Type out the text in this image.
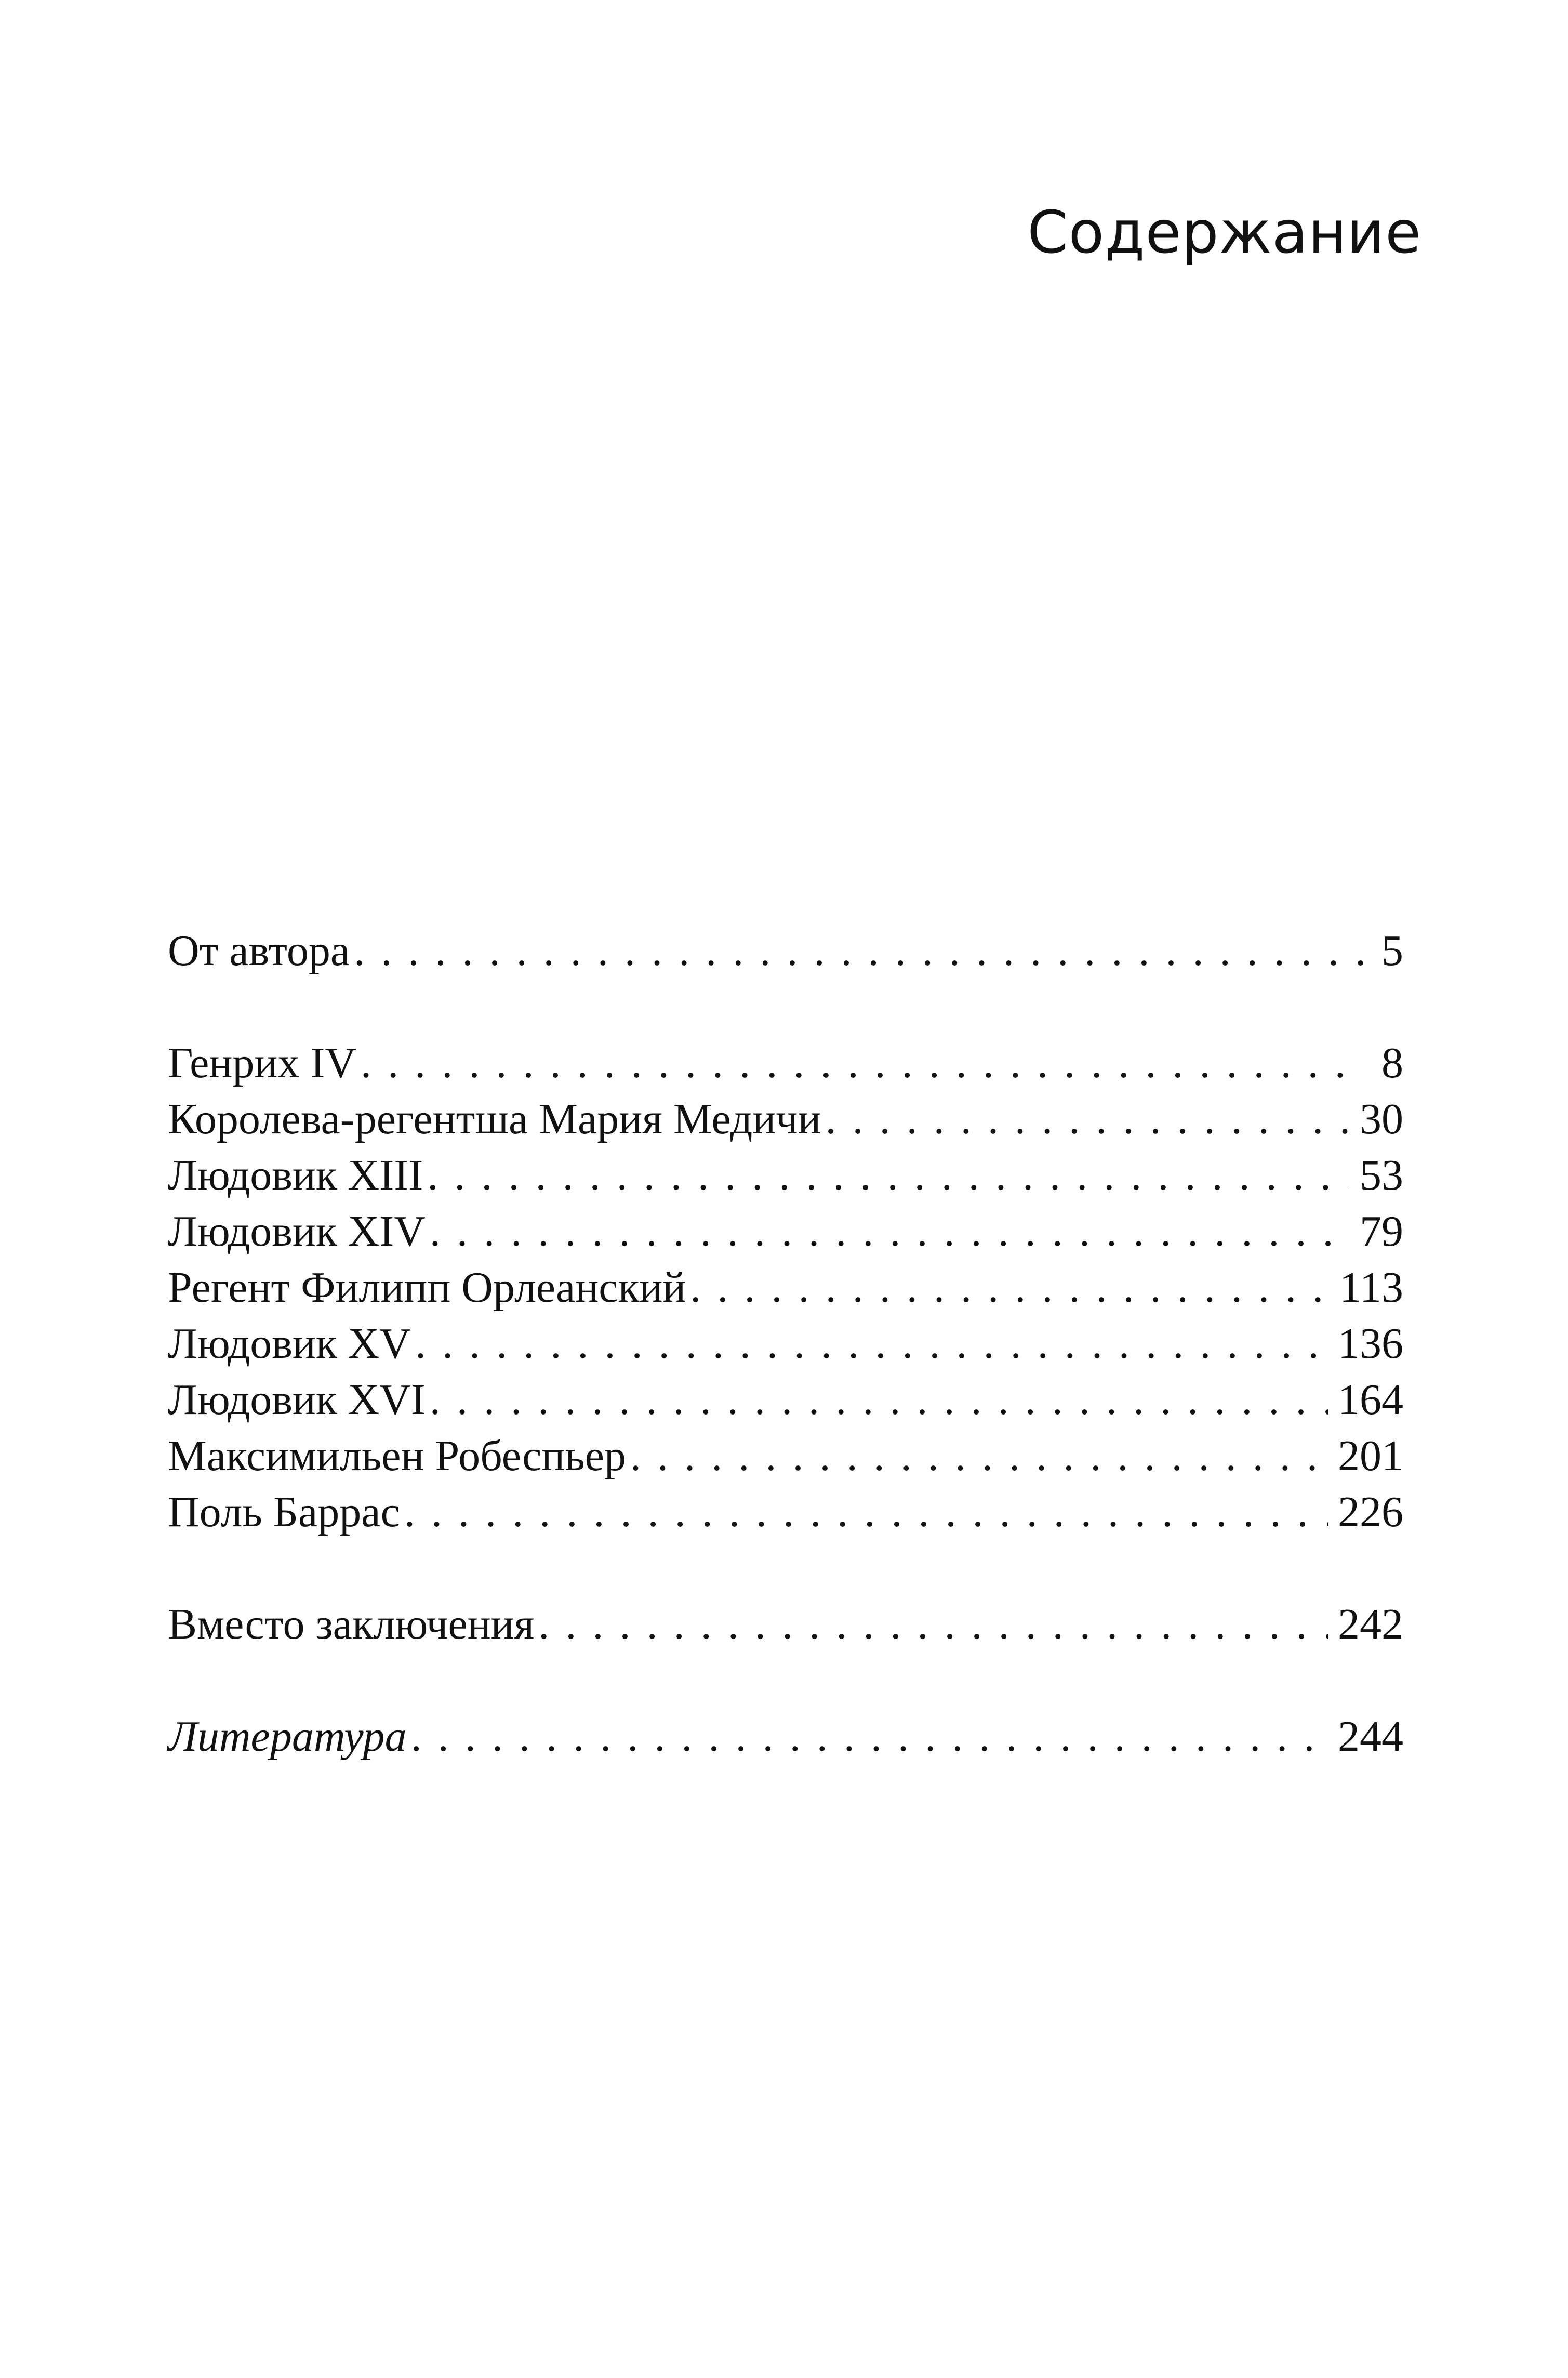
Содержание
От автора . . .	5
Генрих IV . . .	8
Королева-регентша Мария Медичи . . .	30
Людовик XIII . . .	53
Людовик XIV . . .	79
Регент Филипп Орлеанский . . .	113
Людовик XV . . .	136
Людовик XVI . . .	164
Максимильен Робеспьер . . .	201
Поль Баррас . . .	226
Вместо заключения . . .	242
Литература . . .	244
